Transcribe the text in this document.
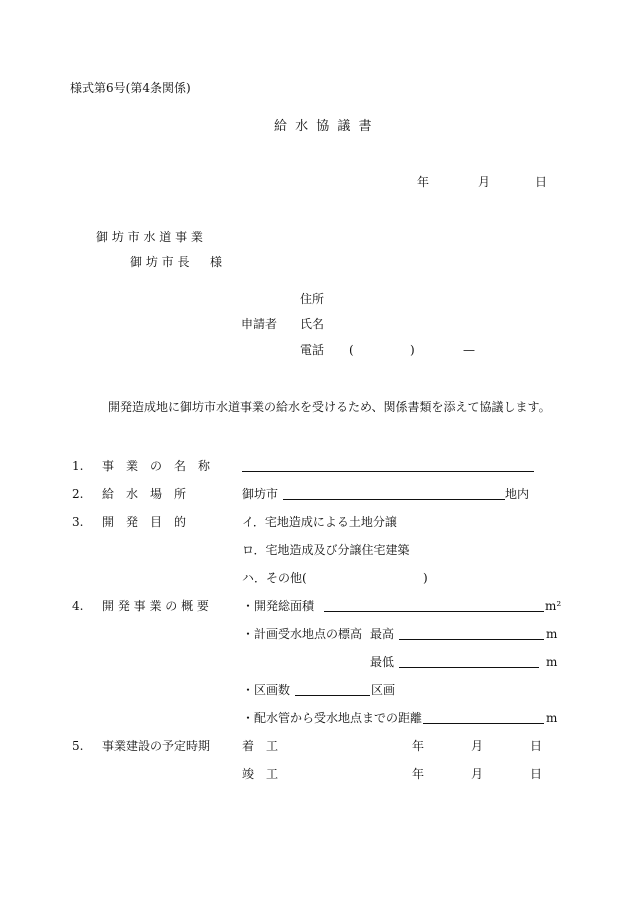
様式第6号(第4条関係)
給 水 協 議 書
年	月	日
御 坊 市 水 道 事 業
御 坊 市 長 様
住所
申請者 氏名
電話 (	)	—
開発造成地に御坊市水道事業の給水を受けるため、関係書類を添えて協議します。
1. 事　業　の　名　称
2. 給　水　場　所	御坊市	地内
3. 開　発　目　的	イ．宅地造成による土地分譲
ロ．宅地造成及び分譲住宅建築
ハ．その他(	)
4. 開 発 事 業 の 概 要	・開発総面積	m²
・計画受水地点の標高 最高	m
最低	m
・区画数	区画
・配水管から受水地点までの距離	m
5. 事業建設の予定時期	着　工	年	月	日
竣　工	年	月	日
